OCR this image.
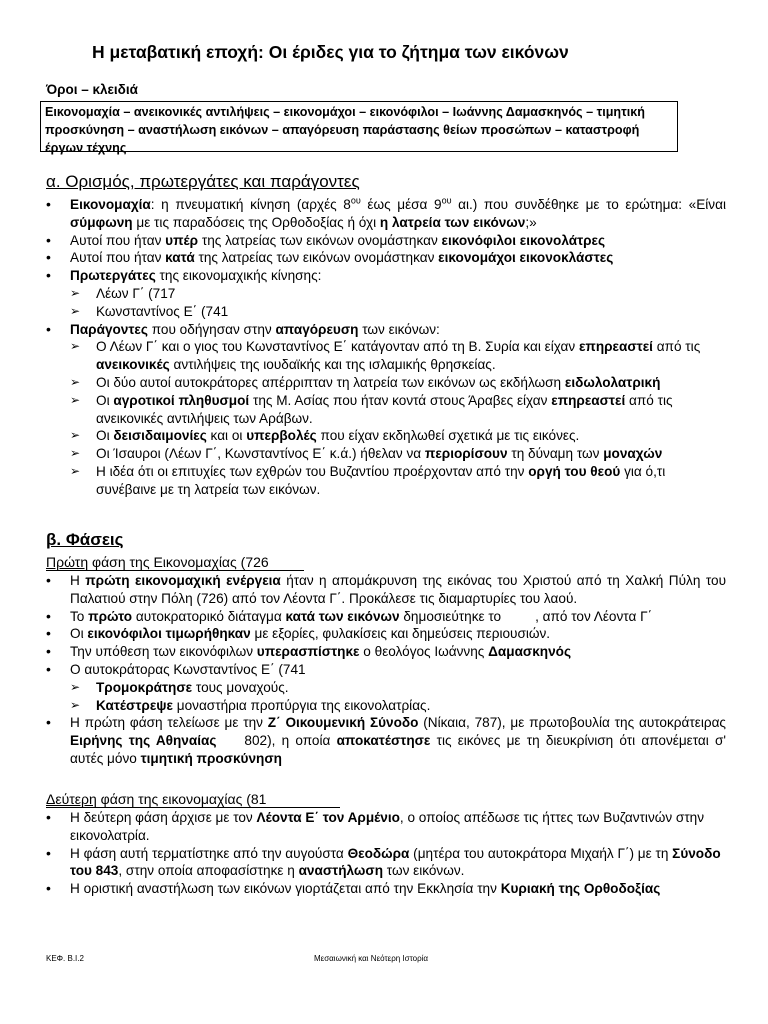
Η μεταβατική εποχή: Οι έριδες για το ζήτημα των εικόνων
Όροι – κλειδιά
Εικονομαχία – ανεικονικές αντιλήψεις – εικονομάχοι – εικονόφιλοι – Ιωάννης Δαμασκηνός – τιμητική προσκύνηση – αναστήλωση εικόνων – απαγόρευση παράστασης θείων προσώπων – καταστροφή έργων τέχνης
α. Ορισμός, πρωτεργάτες και παράγοντες
• Εικονομαχία: η πνευματική κίνηση (αρχές $8^{o\upsilon}$ έως μέσα $9^{o\upsilon}$ αι.) που συνδέθηκε με το ερώτημα: «Είναι σύμφωνη με τις παραδόσεις της Ορθοδοξίας ή όχι η λατρεία των εικόνων;»
• Αυτοί που ήταν υπέρ της λατρείας των εικόνων ονομάστηκαν εικονόφιλοι εικονολάτρες
• Αυτοί που ήταν κατά της λατρείας των εικόνων ονομάστηκαν εικονομάχοι εικονοκλάστες
• Πρωτεργάτες της εικονομαχικής κίνησης:
➢ Λέων Γ΄ (717
➢ Κωνσταντίνος Ε΄ (741
• Παράγοντες που οδήγησαν στην απαγόρευση των εικόνων:
➢ Ο Λέων Γ΄ και ο γιος του Κωνσταντίνος Ε΄ κατάγονταν από τη Β. Συρία και είχαν επηρεαστεί από τις ανεικονικές αντιλήψεις της ιουδαϊκής και της ισλαμικής θρησκείας.
➢ Οι δύο αυτοί αυτοκράτορες απέρριπταν τη λατρεία των εικόνων ως εκδήλωση ειδωλολατρική
➢ Οι αγροτικοί πληθυσμοί της Μ. Ασίας που ήταν κοντά στους Άραβες είχαν επηρεαστεί από τις ανεικονικές αντιλήψεις των Αράβων.
➢ Οι δεισιδαιμονίες και οι υπερβολές που είχαν εκδηλωθεί σχετικά με τις εικόνες.
➢ Οι Ίσαυροι (Λέων Γ΄, Κωνσταντίνος Ε΄ κ.ά.) ήθελαν να περιορίσουν τη δύναμη των μοναχών
➢ Η ιδέα ότι οι επιτυχίες των εχθρών του Βυζαντίου προέρχονταν από την οργή του θεού για ό,τι συνέβαινε με τη λατρεία των εικόνων.
β. Φάσεις
Πρώτη φάση της Εικονομαχίας (726
• Η πρώτη εικονομαχική ενέργεια ήταν η απομάκρυνση της εικόνας του Χριστού από τη Χαλκή Πύλη του Παλατιού στην Πόλη (726) από τον Λέοντα Γ΄. Προκάλεσε τις διαμαρτυρίες του λαού.
• Το πρώτο αυτοκρατορικό διάταγμα κατά των εικόνων δημοσιεύτηκε το	, από τον Λέοντα Γ΄
• Οι εικονόφιλοι τιμωρήθηκαν με εξορίες, φυλακίσεις και δημεύσεις περιουσιών.
• Την υπόθεση των εικονόφιλων υπερασπίστηκε ο θεολόγος Ιωάννης Δαμασκηνός
• Ο αυτοκράτορας Κωνσταντίνος Ε΄ (741
➢ Τρομοκράτησε τους μοναχούς.
➢ Κατέστρεψε μοναστήρια προπύργια της εικονολατρίας.
• Η πρώτη φάση τελείωσε με την Ζ΄ Οικουμενική Σύνοδο (Νίκαια, 787), με πρωτοβουλία της αυτοκράτειρας Ειρήνης της Αθηναίας 802), η οποία αποκατέστησε τις εικόνες με τη διευκρίνιση ότι απονέμεται σ' αυτές μόνο τιμητική προσκύνηση
Δεύτερη φάση της εικονομαχίας (81
• Η δεύτερη φάση άρχισε με τον Λέοντα Ε΄ τον Αρμένιο, ο οποίος απέδωσε τις ήττες των Βυζαντινών στην εικονολατρία.
• Η φάση αυτή τερματίστηκε από την αυγούστα Θεοδώρα (μητέρα του αυτοκράτορα Μιχαήλ Γ΄) με τη Σύνοδο του 843, στην οποία αποφασίστηκε η αναστήλωση των εικόνων.
• Η οριστική αναστήλωση των εικόνων γιορτάζεται από την Εκκλησία την Κυριακή της Ορθοδοξίας
ΚΕΦ. Β.Ι.2	Μεσαιωνική και Νεότερη Ιστορία
